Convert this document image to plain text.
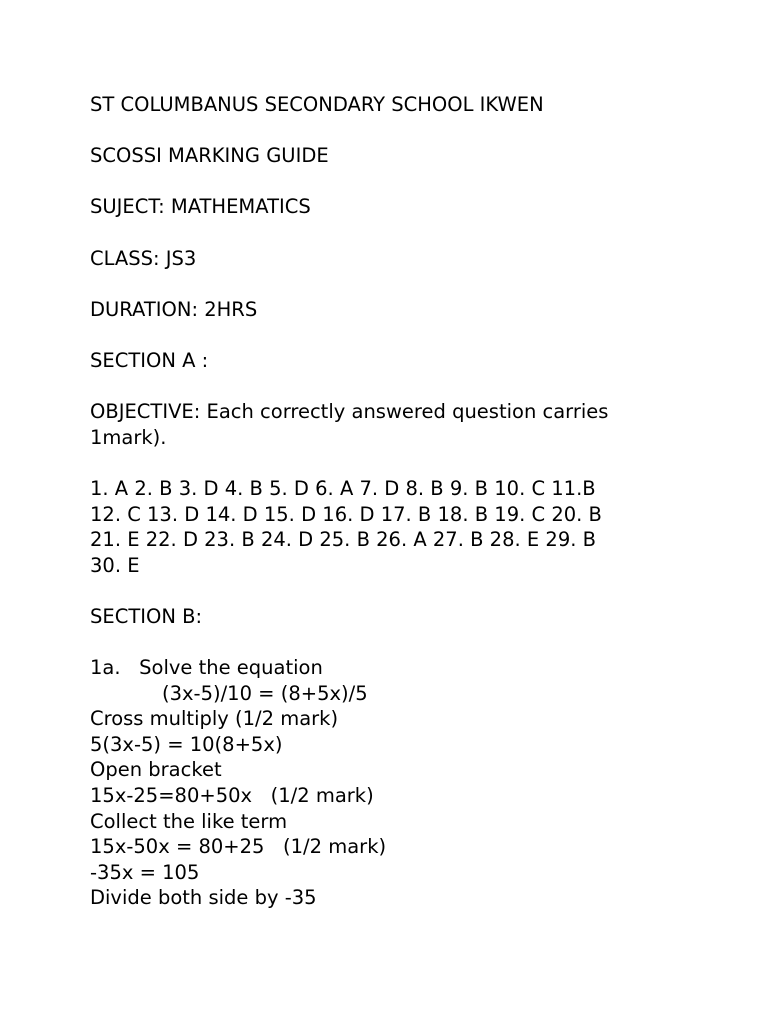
ST COLUMBANUS SECONDARY SCHOOL IKWEN
SCOSSI MARKING GUIDE
SUJECT: MATHEMATICS
CLASS: JS3
DURATION: 2HRS
SECTION A :
OBJECTIVE: Each correctly answered question carries
1mark).
1. A 2. B 3. D 4. B 5. D 6. A 7. D 8. B 9. B 10. C 11.B
12. C 13. D 14. D 15. D 16. D 17. B 18. B 19. C 20. B
21. E 22. D 23. B 24. D 25. B 26. A 27. B 28. E 29. B
30. E
SECTION B:
1a.   Solve the equation
(3x-5)/10 = (8+5x)/5
Cross multiply (1/2 mark)
5(3x-5) = 10(8+5x)
Open bracket
15x-25=80+50x   (1/2 mark)
Collect the like term
15x-50x = 80+25   (1/2 mark)
-35x = 105
Divide both side by -35
